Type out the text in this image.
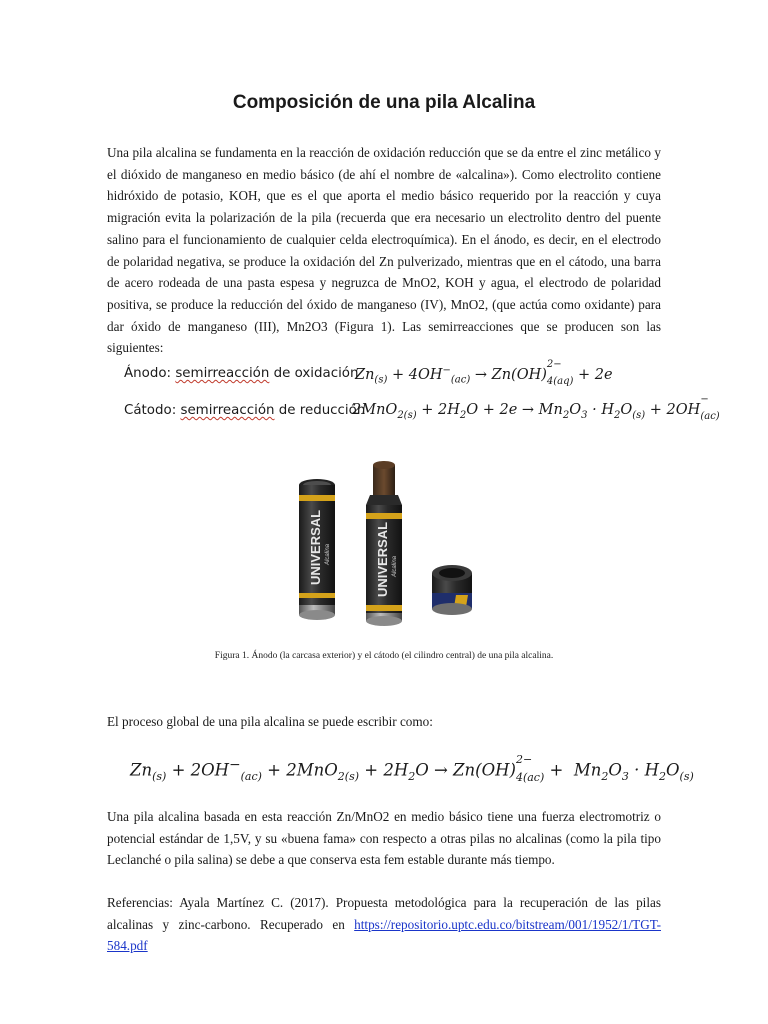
Composición de una pila Alcalina
Una pila alcalina se fundamenta en la reacción de oxidación reducción que se da entre el zinc metálico y el dióxido de manganeso en medio básico (de ahí el nombre de «alcalina»). Como electrolito contiene hidróxido de potasio, KOH, que es el que aporta el medio básico requerido por la reacción y cuya migración evita la polarización de la pila (recuerda que era necesario un electrolito dentro del puente salino para el funcionamiento de cualquier celda electroquímica). En el ánodo, es decir, en el electrodo de polaridad negativa, se produce la oxidación del Zn pulverizado, mientras que en el cátodo, una barra de acero rodeada de una pasta espesa y negruzca de MnO2, KOH y agua, el electrodo de polaridad positiva, se produce la reducción del óxido de manganeso (IV), MnO2, (que actúa como oxidante) para dar óxido de manganeso (III), Mn2O3 (Figura 1). Las semirreacciones que se producen son las siguientes:
Ánodo: semirreacción de oxidación
$Zn_{(s)} + 4OH^-_{(ac)} \to Zn(OH)$
2−
4(aq) + 2e
Cátodo: semirreacción de reducción
$2MnO_{2(s)} + 2H_2O + 2e \to Mn_2O_3 \cdot H_2O_{(s)} + 2OH$
−
(ac)
UNIVERSAL Alcalina	UNIVERSAL Alcalina
Figura 1. Ánodo (la carcasa exterior) y el cátodo (el cilindro central) de una pila alcalina.
El proceso global de una pila alcalina se puede escribir como:
$Zn_{(s)} + 2OH^-_{(ac)} + 2MnO_{2(s)} + 2H_2O \to Zn(OH)$
2−
$4(ac) + Mn_2O_3 \cdot H_2O_{(s)}$
Una pila alcalina basada en esta reacción Zn/MnO2 en medio básico tiene una fuerza electromotriz o potencial estándar de 1,5V, y su «buena fama» con respecto a otras pilas no alcalinas (como la pila tipo Leclanché o pila salina) se debe a que conserva esta fem estable durante más tiempo.
Referencias: Ayala Martínez C. (2017). Propuesta metodológica para la recuperación de las pilas alcalinas y zinc-carbono. Recuperado en https://repositorio.uptc.edu.co/bitstream/001/1952/1/TGT-584.pdf
